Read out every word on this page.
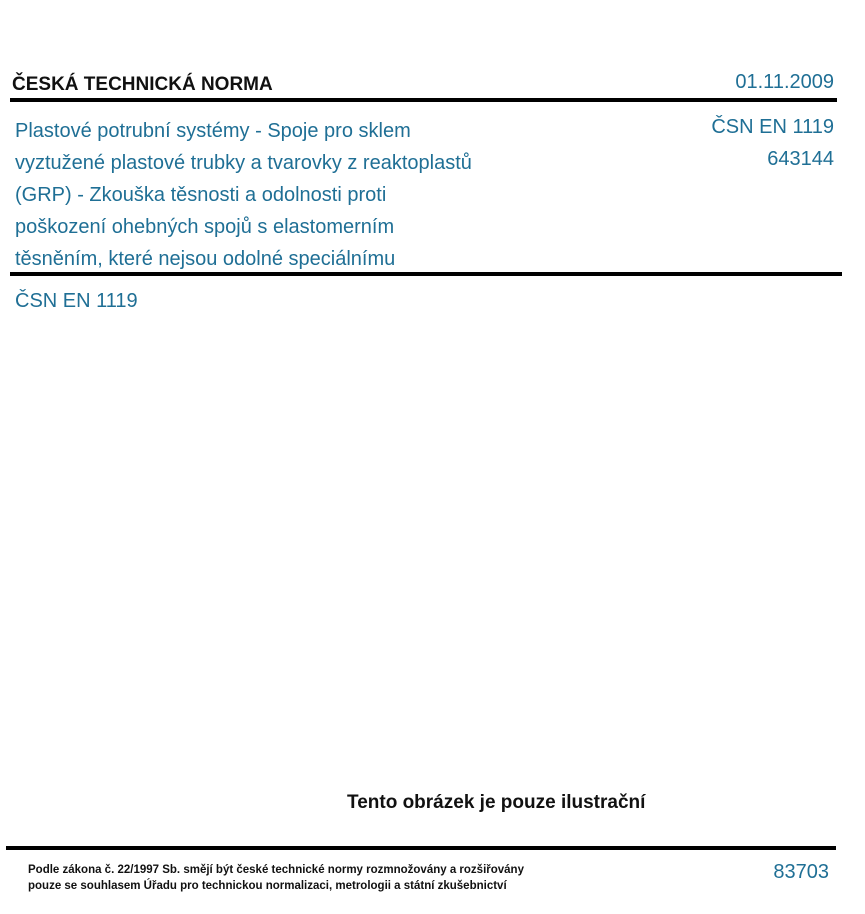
ČESKÁ TECHNICKÁ NORMA	01.11.2009
Plastové potrubní systémy - Spoje pro sklem
vyztužené plastové trubky a tvarovky z reaktoplastů
(GRP) - Zkouška těsnosti a odolnosti proti
poškození ohebných spojů s elastomerním
těsněním, které nejsou odolné speciálnímu
ČSN EN 1119
643144
ČSN EN 1119
Tento obrázek je pouze ilustrační
Podle zákona č. 22/1997 Sb. smějí být české technické normy rozmnožovány a rozšiřovány
pouze se souhlasem Úřadu pro technickou normalizaci, metrologii a státní zkušebnictví
83703
